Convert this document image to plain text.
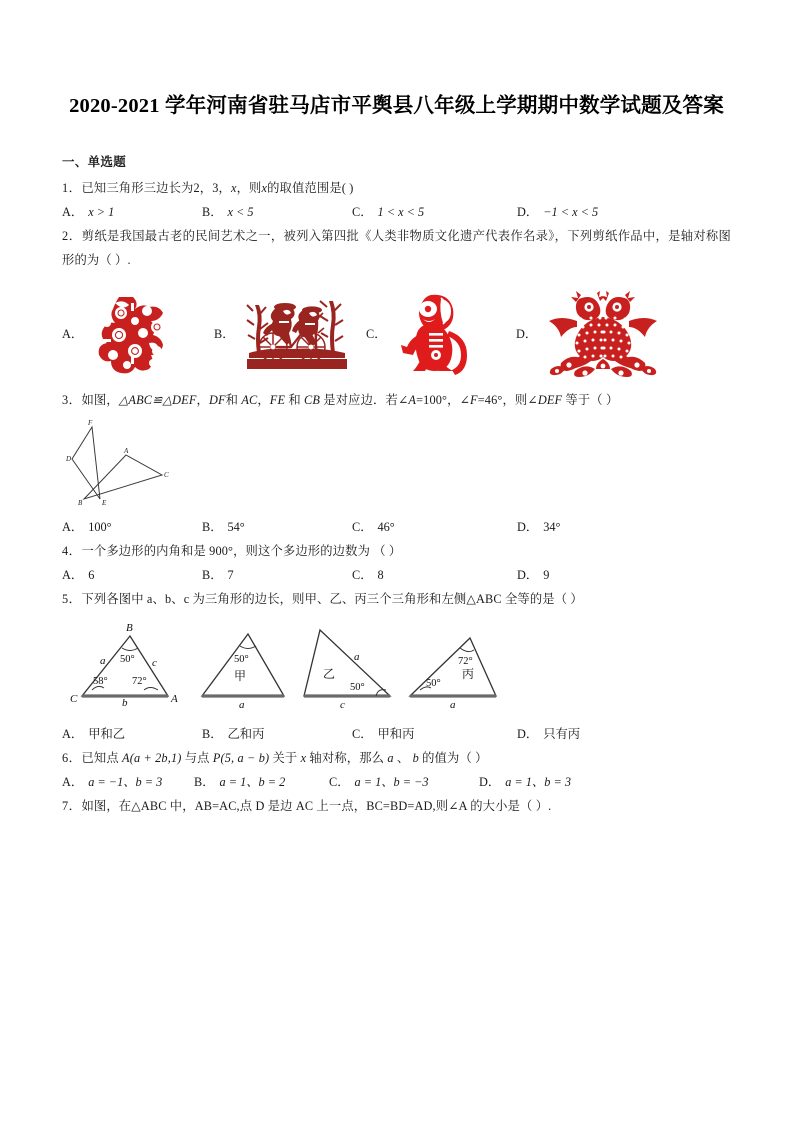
2020-2021 学年河南省驻马店市平舆县八年级上学期期中数学试题及答案
一、单选题

1．已知三角形三边长为2，3，x，则x的取值范围是( )

A． x > 1	B． x < 5	C． 1 < x < 5	D． −1 < x < 5

2．剪纸是我国最古老的民间艺术之一，被列入第四批《人类非物质文化遗产代表作名录》，下列剪纸作品中，是轴对称图形的为（ ）.

A．	B．	C．	D．

3．如图，△ABC≌△DEF，DF和 AC，FE 和 CB 是对应边．若∠A=100°，∠F=46°，则∠DEF 等于（ ）

F
D
A
C
B	E
A． 100°	B． 54°	C． 46°	D． 34°

4．一个多边形的内角和是 900°，则这个多边形的边数为 （ ）

A． 6	B． 7	C． 8	D． 9

5．下列各图中 a、b、c 为三角形的边长，则甲、乙、丙三个三角形和左侧△ABC 全等的是（ ）

B
C	A
a
b
c
50°
58° 72°
50°
甲
a
a
c
乙
50°
72°
50°
丙
a
A． 甲和乙	B． 乙和丙	C． 甲和丙	D． 只有丙

6．已知点 A(a + 2b,1) 与点 P(5, a − b) 关于 x 轴对称，那么 a 、 b 的值为（ ）

A． a = −1、b = 3	B． a = 1、b = 2	C． a = 1、b = −3	D． a = 1、b = 3

7．如图，在△ABC 中，AB=AC,点 D 是边 AC 上一点，BC=BD=AD,则∠A 的大小是（ ）.
